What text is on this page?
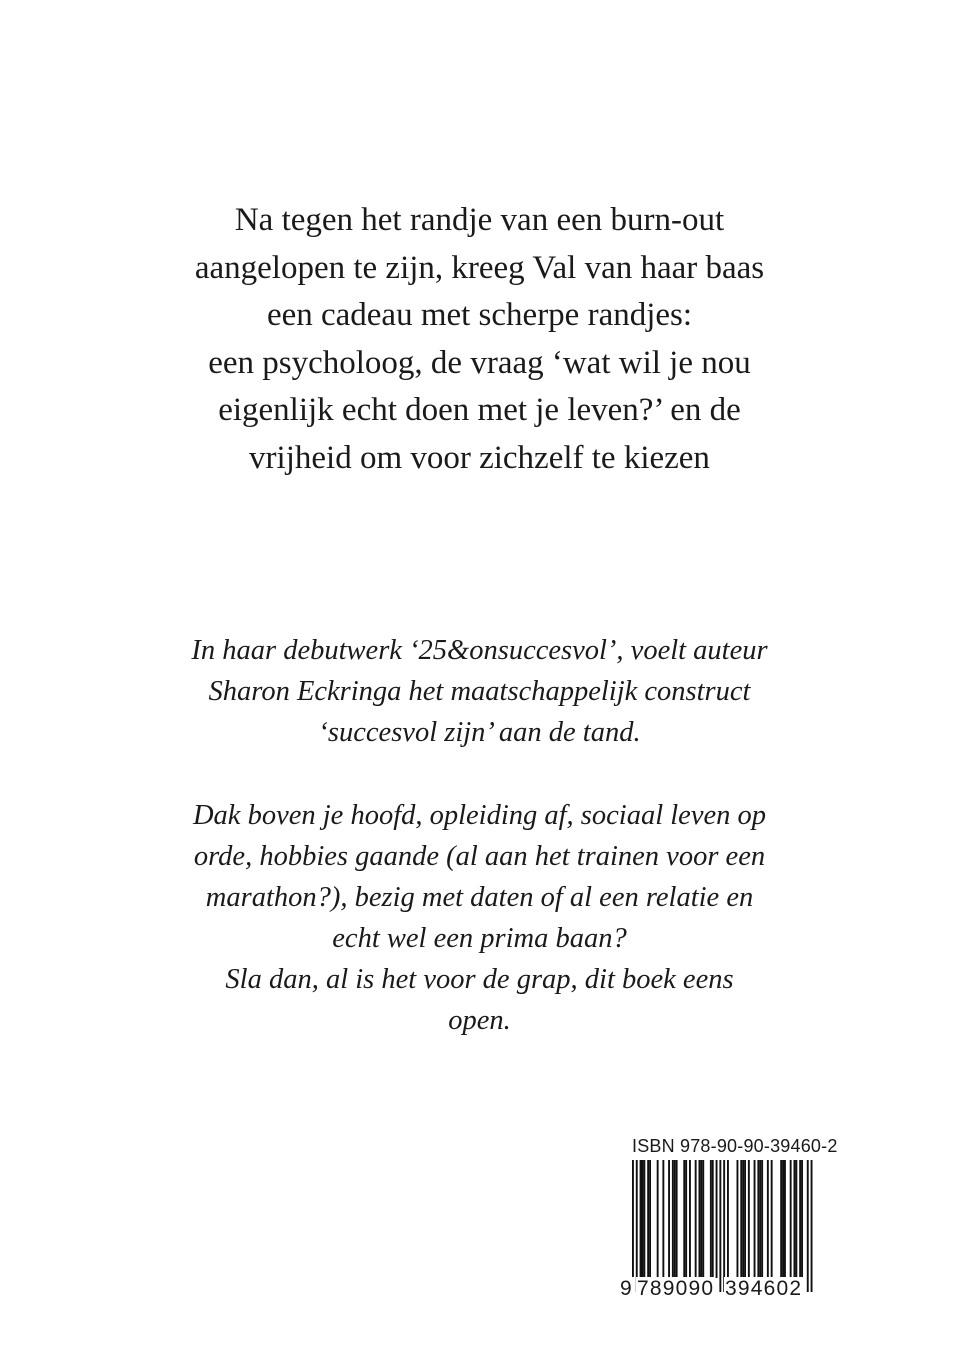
Na tegen het randje van een burn-out
aangelopen te zijn, kreeg Val van haar baas
een cadeau met scherpe randjes:
een psycholoog, de vraag ‘wat wil je nou
eigenlijk echt doen met je leven?’ en de
vrijheid om voor zichzelf te kiezen
In haar debutwerk ‘25&onsuccesvol’, voelt auteur
Sharon Eckringa het maatschappelijk construct
‘succesvol zijn’ aan de tand.
Dak boven je hoofd, opleiding af, sociaal leven op
orde, hobbies gaande (al aan het trainen voor een
marathon?), bezig met daten of al een relatie en
echt wel een prima baan?
Sla dan, al is het voor de grap, dit boek eens
open.
ISBN 978-90-90-39460-2
9 789090 394602
